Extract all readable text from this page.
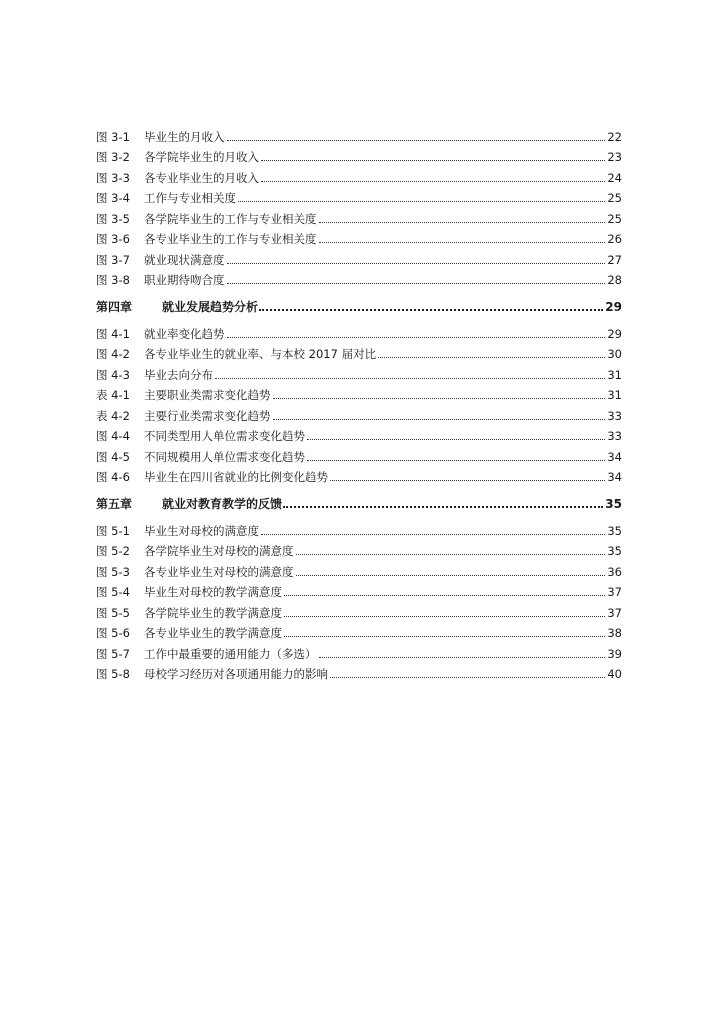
图 3-1	毕业生的月收入	22
图 3-2	各学院毕业生的月收入	23
图 3-3	各专业毕业生的月收入	24
图 3-4	工作与专业相关度	25
图 3-5	各学院毕业生的工作与专业相关度	25
图 3-6	各专业毕业生的工作与专业相关度	26
图 3-7	就业现状满意度	27
图 3-8	职业期待吻合度	28
第四章	就业发展趋势分析	29
图 4-1	就业率变化趋势	29
图 4-2	各专业毕业生的就业率、与本校 2017 届对比	30
图 4-3	毕业去向分布	31
表 4-1	主要职业类需求变化趋势	31
表 4-2	主要行业类需求变化趋势	33
图 4-4	不同类型用人单位需求变化趋势	33
图 4-5	不同规模用人单位需求变化趋势	34
图 4-6	毕业生在四川省就业的比例变化趋势	34
第五章	就业对教育教学的反馈	35
图 5-1	毕业生对母校的满意度	35
图 5-2	各学院毕业生对母校的满意度	35
图 5-3	各专业毕业生对母校的满意度	36
图 5-4	毕业生对母校的教学满意度	37
图 5-5	各学院毕业生的教学满意度	37
图 5-6	各专业毕业生的教学满意度	38
图 5-7	工作中最重要的通用能力（多选）	39
图 5-8	母校学习经历对各项通用能力的影响	40
